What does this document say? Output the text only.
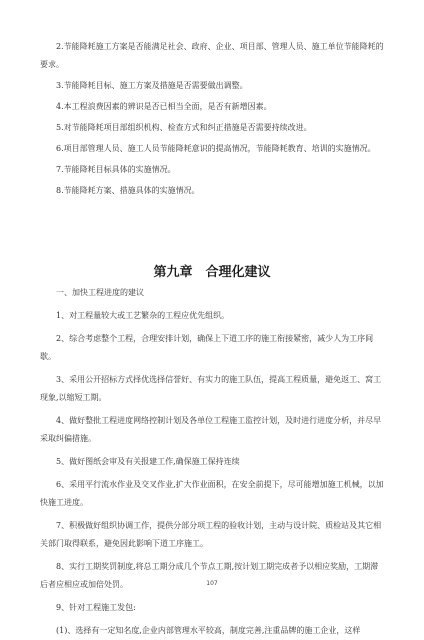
2.节能降耗施工方案是否能满足社会、政府、企业、项目部、管理人员、施工单位节能降耗的要求。

3.节能降耗目标、施工方案及措施是否需要做出调整。

4.本工程浪费因素的辨识是否已相当全面，是否有新增因素。

5.对节能降耗项目部组织机构、检查方式和纠正措施是否需要持续改进。

6.项目部管理人员、施工人员节能降耗意识的提高情况，节能降耗教育、培训的实施情况。

7.节能降耗目标具体的实施情况。

8.节能降耗方案、措施具体的实施情况。

第九章　合理化建议

一、加快工程进度的建议

1、对工程量较大或工艺繁杂的工程应优先组织。

2、综合考虑整个工程，合理安排计划，确保上下道工序的施工衔接紧密，减少人为工序间歇。

3、采用公开招标方式择优选择信誉好、有实力的施工队伍，提高工程质量，避免返工、窝工现象,以缩短工期。

4、做好整批工程进度网络控制计划及各单位工程施工监控计划，及时进行进度分析，并尽早采取纠偏措施。

5、做好图纸会审及有关报建工作,确保施工保持连续

6、采用平行流水作业及交叉作业,扩大作业面积，在安全前提下，尽可能增加施工机械，以加快施工进度。

7、积极做好组织协调工作，提供分部分项工程的验收计划，主动与设计院、质检站及其它相关部门取得联系，避免因此影响下道工序施工。

8、实行工期奖罚制度,将总工期分成几个节点工期,按计划工期完成者予以相应奖励，工期滞后者应相应或加倍处罚。

9、针对工程施工发包:

(1)、选择有一定知名度,企业内部管理水平较高，制度完善,注重品牌的施工企业，这样

107
